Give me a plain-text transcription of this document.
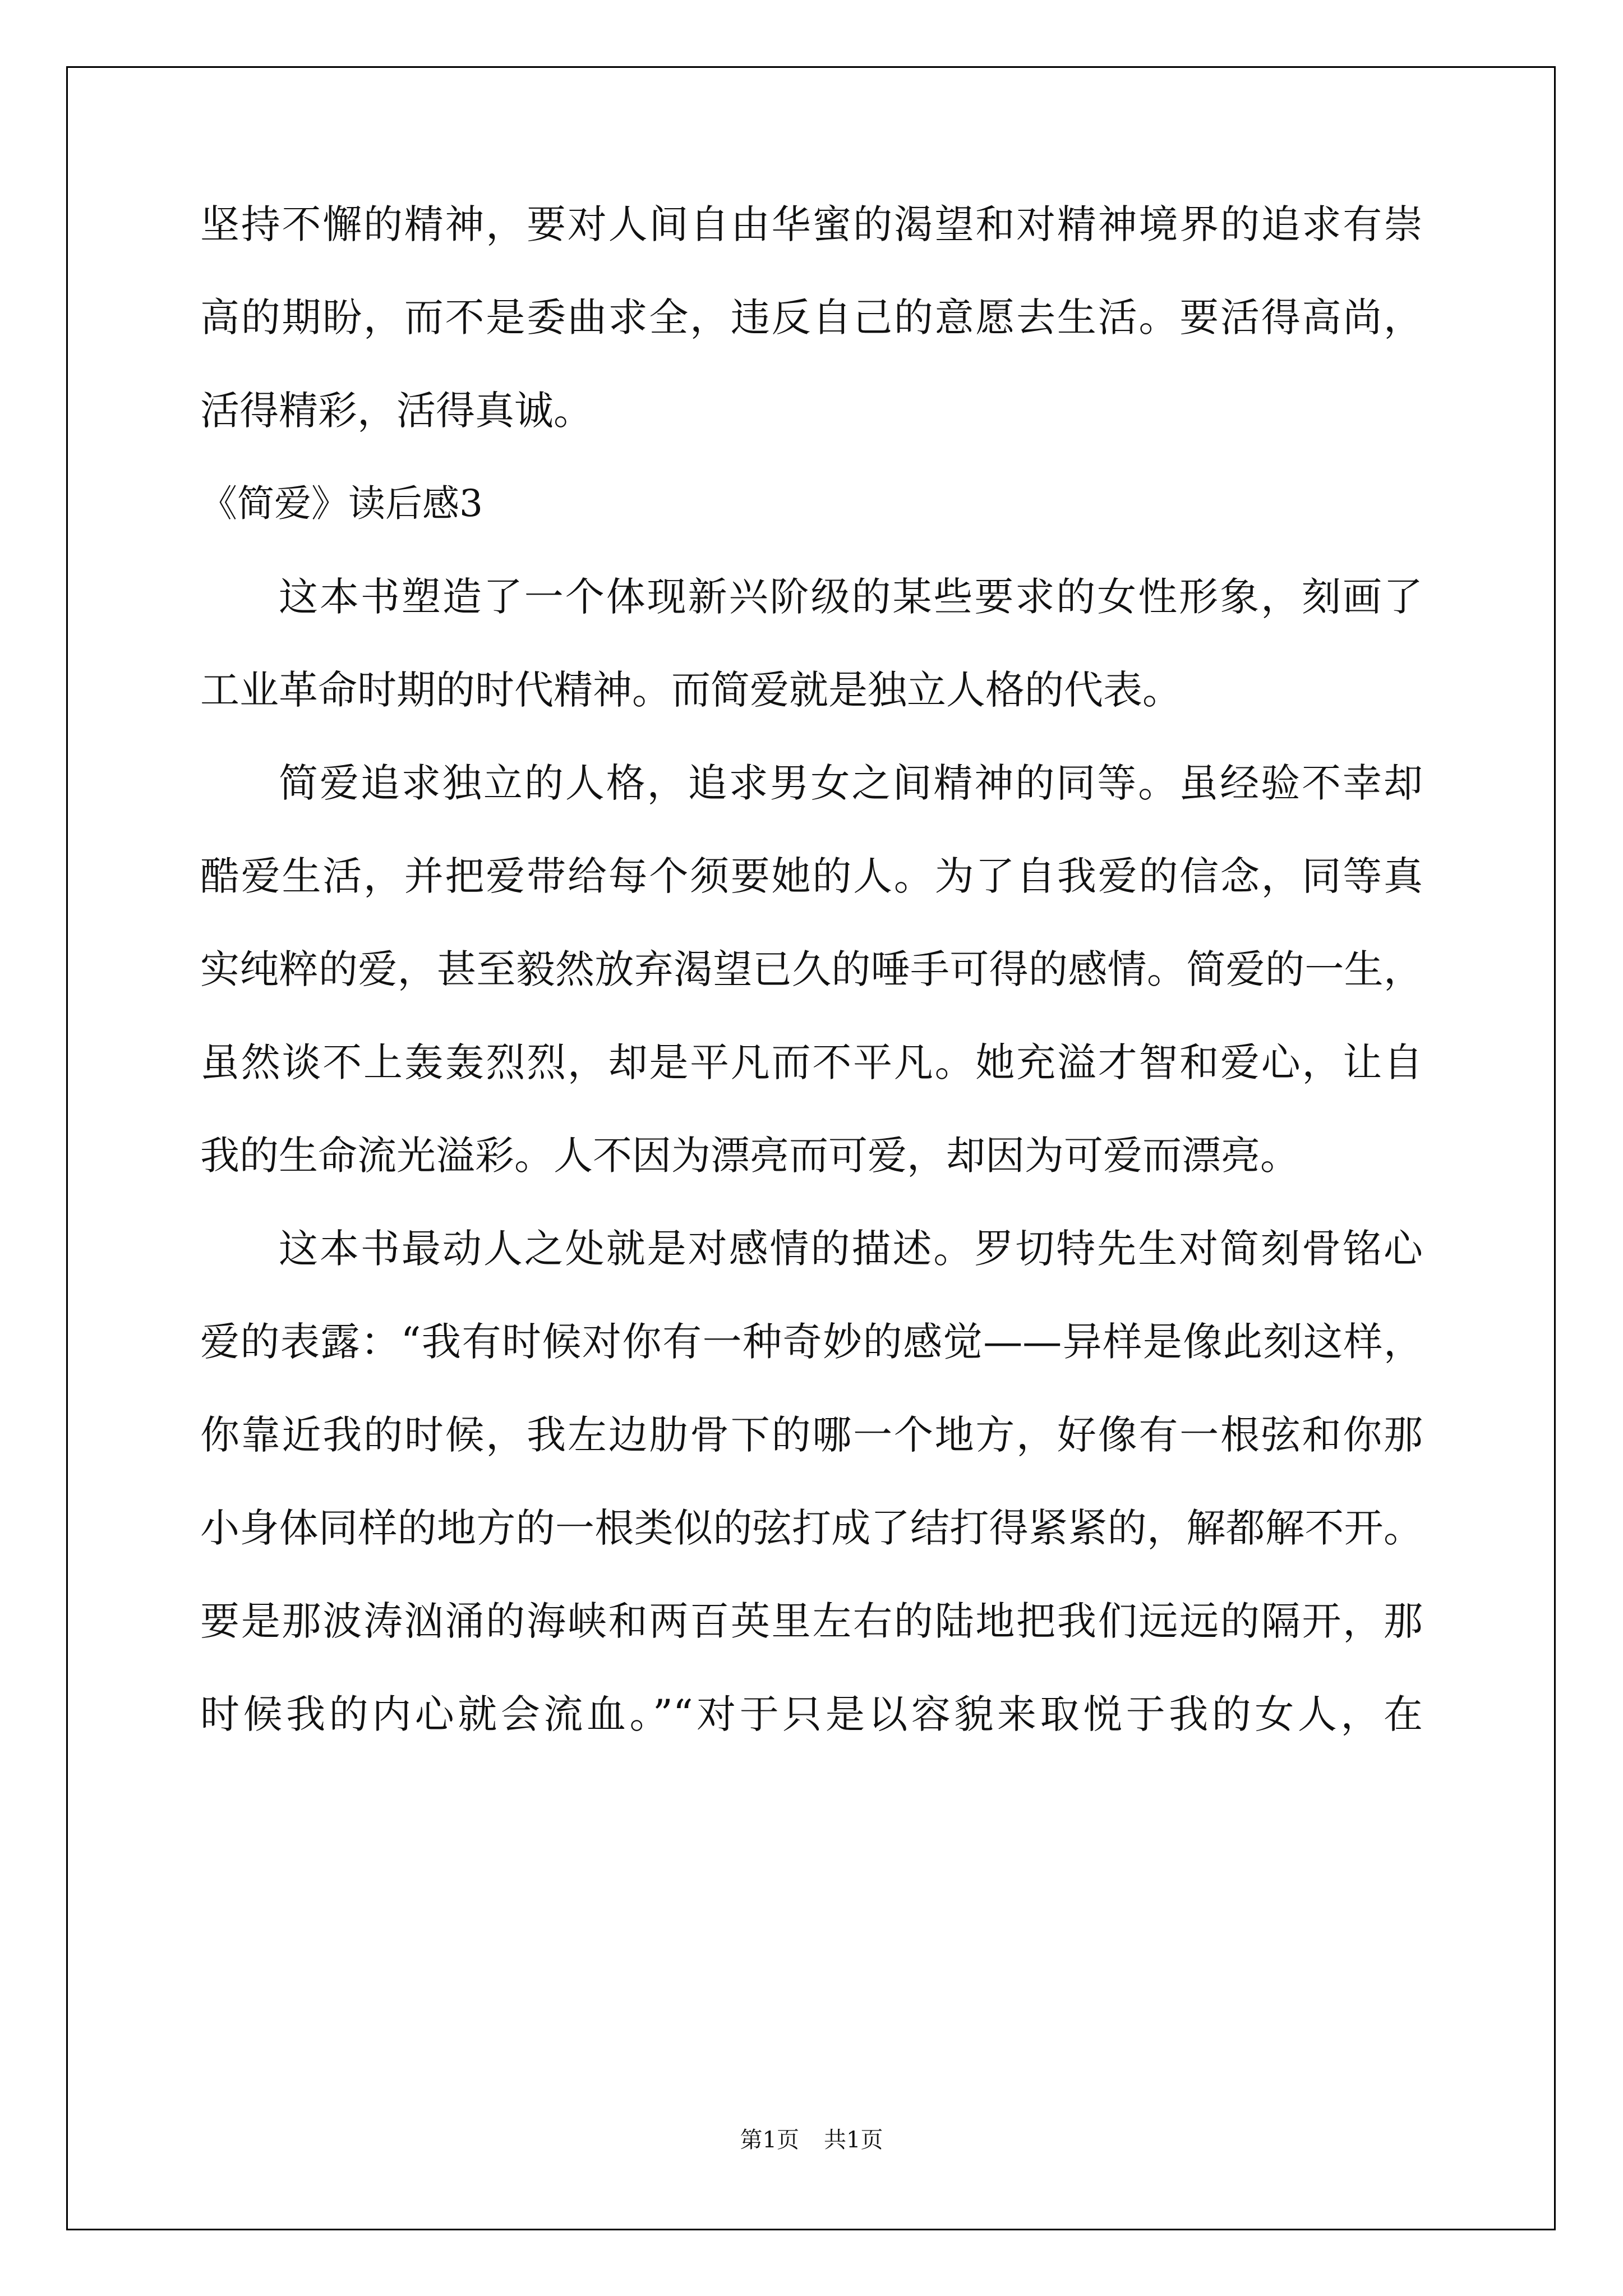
坚持不懈的精神，要对人间自由华蜜的渴望和对精神境界的追求有崇

高的期盼，而不是委曲求全，违反自己的意愿去生活。要活得高尚，

活得精彩，活得真诚。

《简爱》读后感3

这本书塑造了一个体现新兴阶级的某些要求的女性形象，刻画了

工业革命时期的时代精神。而简爱就是独立人格的代表。

简爱追求独立的人格，追求男女之间精神的同等。虽经验不幸却

酷爱生活，并把爱带给每个须要她的人。为了自我爱的信念，同等真

实纯粹的爱，甚至毅然放弃渴望已久的唾手可得的感情。简爱的一生，

虽然谈不上轰轰烈烈，却是平凡而不平凡。她充溢才智和爱心，让自

我的生命流光溢彩。人不因为漂亮而可爱，却因为可爱而漂亮。

这本书最动人之处就是对感情的描述。罗切特先生对简刻骨铭心

爱的表露：“我有时候对你有一种奇妙的感觉——异样是像此刻这样，

你靠近我的时候，我左边肋骨下的哪一个地方，好像有一根弦和你那

小身体同样的地方的一根类似的弦打成了结打得紧紧的，解都解不开。

要是那波涛汹涌的海峡和两百英里左右的陆地把我们远远的隔开，那

时候我的内心就会流血。”“对于只是以容貌来取悦于我的女人，在

第1页 共1页
